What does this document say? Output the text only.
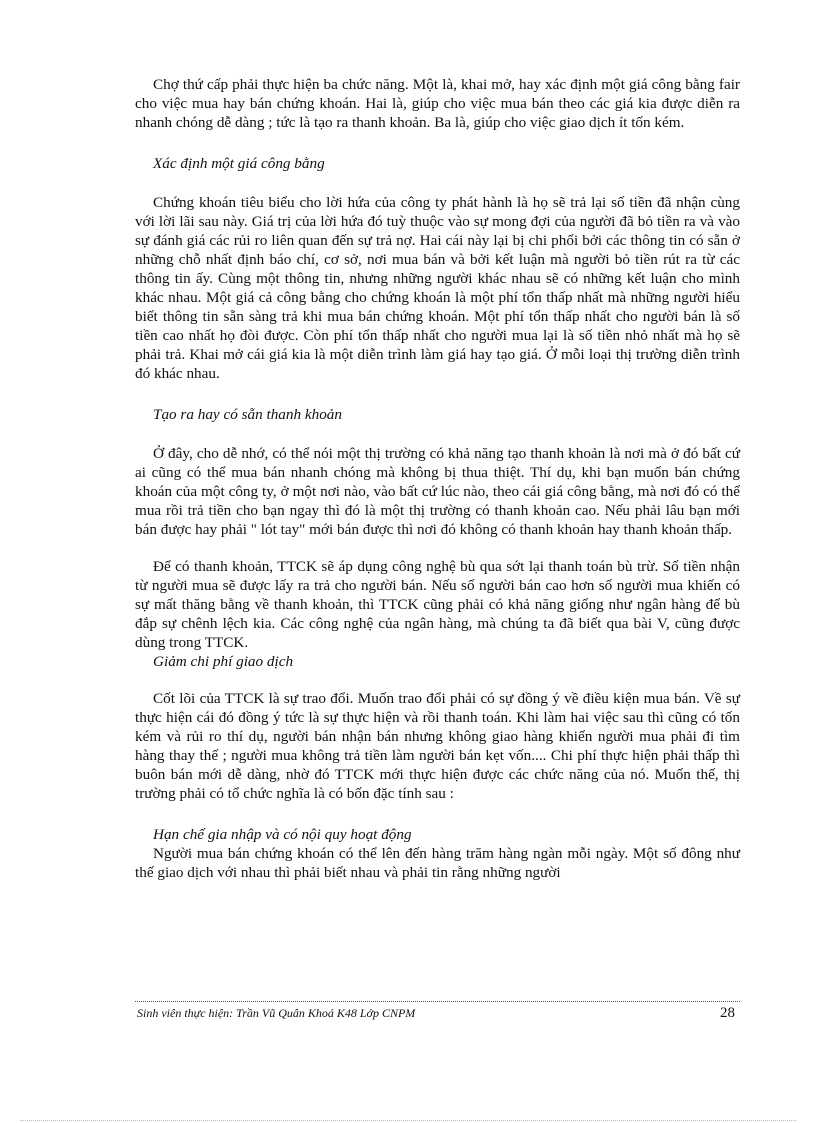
Chợ thứ cấp phải thực hiện ba chức năng. Một là, khai mở, hay xác định một giá công bằng fair cho việc mua hay bán chứng khoán. Hai là, giúp cho việc mua bán theo các giá kia được diễn ra nhanh chóng dễ dàng ; tức là tạo ra thanh khoản. Ba là, giúp cho việc giao dịch ít tốn kém.

Xác định một giá công bằng

Chứng khoán tiêu biểu cho lời hứa của công ty phát hành là họ sẽ trả lại số tiền đã nhận cùng với lời lãi sau này. Giá trị của lời hứa đó tuỳ thuộc vào sự mong đợi của người đã bỏ tiền ra và vào sự đánh giá các rủi ro liên quan đến sự trả nợ. Hai cái này lại bị chi phối bởi các thông tin có sẵn ở những chỗ nhất định báo chí, cơ sở, nơi mua bán và bởi kết luận mà người bỏ tiền rút ra từ các thông tin ấy. Cùng một thông tin, nhưng những người khác nhau sẽ có những kết luận cho mình khác nhau. Một giá cả công bằng cho chứng khoán là một phí tổn thấp nhất mà những người hiểu biết thông tin sẵn sàng trả khi mua bán chứng khoán. Một phí tổn thấp nhất cho người bán là số tiền cao nhất họ đòi được. Còn phí tổn thấp nhất cho người mua lại là số tiền nhỏ nhất mà họ sẽ phải trả. Khai mở cái giá kia là một diễn trình làm giá hay tạo giá. Ở mỗi loại thị trường diễn trình đó khác nhau.

Tạo ra hay có sẵn thanh khoản

Ở đây, cho dễ nhớ, có thể nói một thị trường có khả năng tạo thanh khoản là nơi mà ở đó bất cứ ai cũng có thể mua bán nhanh chóng mà không bị thua thiệt. Thí dụ, khi bạn muốn bán chứng khoán của một công ty, ở một nơi nào, vào bất cứ lúc nào, theo cái giá công bằng, mà nơi đó có thể mua rồi trả tiền cho bạn ngay thì đó là một thị trường có thanh khoản cao. Nếu phải lâu bạn mới bán được hay phải " lót tay" mới bán được thì nơi đó không có thanh khoản hay thanh khoản thấp.

Để có thanh khoản, TTCK sẽ áp dụng công nghệ bù qua sớt lại thanh toán bù trừ. Số tiền nhận từ người mua sẽ được lấy ra trả cho người bán. Nếu số người bán cao hơn số người mua khiến có sự mất thăng bằng về thanh khoản, thì TTCK cũng phải có khả năng giống như ngân hàng để bù đắp sự chênh lệch kia. Các công nghệ của ngân hàng, mà chúng ta đã biết qua bài V, cũng được dùng trong TTCK.

Giảm chi phí giao dịch

Cốt lõi của TTCK là sự trao đổi. Muốn trao đổi phải có sự đồng ý về điều kiện mua bán. Về sự thực hiện cái đó đồng ý tức là sự thực hiện và rồi thanh toán. Khi làm hai việc sau thì cũng có tốn kém và rủi ro thí dụ, người bán nhận bán nhưng không giao hàng khiến người mua phải đi tìm hàng thay thế ; người mua không trả tiền làm người bán kẹt vốn.... Chi phí thực hiện phải thấp thì buôn bán mới dễ dàng, nhờ đó TTCK mới thực hiện được các chức năng của nó. Muốn thế, thị trường phải có tổ chức nghĩa là có bốn đặc tính sau :

Hạn chế gia nhập và có nội quy hoạt động

Người mua bán chứng khoán có thể lên đến hàng trăm hàng ngàn mỗi ngày. Một số đông như thế giao dịch với nhau thì phải biết nhau và phải tin rằng những người

Sinh viên thực hiện: Trần Vũ Quân Khoá K48 Lớp CNPM	28
